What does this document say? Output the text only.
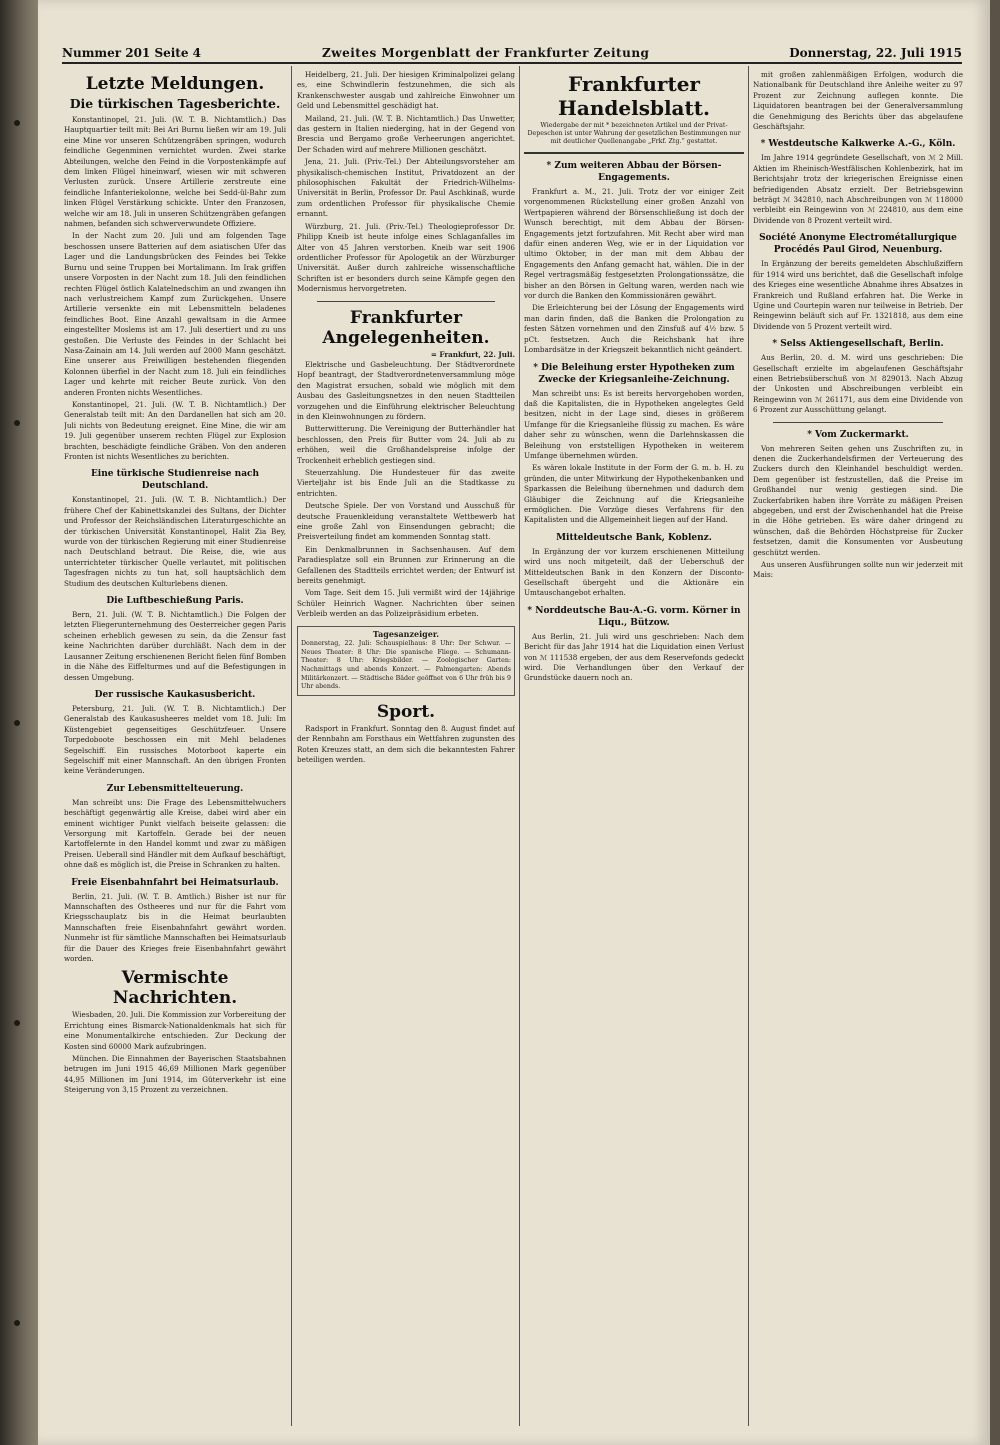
Nummer 201 Seite 4	Zweites Morgenblatt der Frankfurter Zeitung	Donnerstag, 22. Juli 1915
Letzte Meldungen.
Die türkischen Tagesberichte.

Konstantinopel, 21. Juli. (W. T. B. Nichtamtlich.) Das Hauptquartier teilt mit: Bei Ari Burnu ließen wir am 19. Juli eine Mine vor unseren Schützengräben springen, wodurch feindliche Gegenminen vernichtet wurden. Zwei starke Abteilungen, welche den Feind in die Vorpostenkämpfe auf dem linken Flügel hineinwarf, wiesen wir mit schweren Verlusten zurück. Unsere Artillerie zerstreute eine feindliche Infanteriekolonne, welche bei Sedd-ül-Bahr zum linken Flügel Verstärkung schickte. Unter den Franzosen, welche wir am 18. Juli in unseren Schützengräben gefangen nahmen, befanden sich schwerverwundete Offiziere.

In der Nacht zum 20. Juli und am folgenden Tage beschossen unsere Batterien auf dem asiatischen Ufer das Lager und die Landungsbrücken des Feindes bei Tekke Burnu und seine Truppen bei Mortalimann. Im Irak griffen unsere Vorposten in der Nacht zum 18. Juli den feindlichen rechten Flügel östlich Kalatelnedschim an und zwangen ihn nach verlustreichem Kampf zum Zurückgehen. Unsere Artillerie versenkte ein mit Lebensmitteln beladenes feindliches Boot. Eine Anzahl gewaltsam in die Armee eingestellter Moslems ist am 17. Juli desertiert und zu uns gestoßen. Die Verluste des Feindes in der Schlacht bei Nasa-Zainain am 14. Juli werden auf 2000 Mann geschätzt. Eine unserer aus Freiwilligen bestehenden fliegenden Kolonnen überfiel in der Nacht zum 18. Juli ein feindliches Lager und kehrte mit reicher Beute zurück. Von den anderen Fronten nichts Wesentliches.

Konstantinopel, 21. Juli. (W. T. B. Nichtamtlich.) Der Generalstab teilt mit: An den Dardanellen hat sich am 20. Juli nichts von Bedeutung ereignet. Eine Mine, die wir am 19. Juli gegenüber unserem rechten Flügel zur Explosion brachten, beschädigte feindliche Gräben. Von den anderen Fronten ist nichts Wesentliches zu berichten.

Eine türkische Studienreise nach Deutschland.

Konstantinopel, 21. Juli. (W. T. B. Nichtamtlich.) Der frühere Chef der Kabinettskanzlei des Sultans, der Dichter und Professor der Reichsländischen Literaturgeschichte an der türkischen Universität Konstantinopel, Halit Zia Bey, wurde von der türkischen Regierung mit einer Studienreise nach Deutschland betraut. Die Reise, die, wie aus unterrichteter türkischer Quelle verlautet, mit politischen Tagesfragen nichts zu tun hat, soll hauptsächlich dem Studium des deutschen Kulturlebens dienen.

Die Luftbeschießung Paris.

Bern, 21. Juli. (W. T. B. Nichtamtlich.) Die Folgen der letzten Fliegerunternehmung des Oesterreicher gegen Paris scheinen erheblich gewesen zu sein, da die Zensur fast keine Nachrichten darüber durchläßt. Nach dem in der Lausanner Zeitung erschienenen Bericht fielen fünf Bomben in die Nähe des Eiffelturmes und auf die Befestigungen in dessen Umgebung.

Der russische Kaukasusbericht.

Petersburg, 21. Juli. (W. T. B. Nichtamtlich.) Der Generalstab des Kaukasusheeres meldet vom 18. Juli: Im Küstengebiet gegenseitiges Geschützfeuer. Unsere Torpedoboote beschossen ein mit Mehl beladenes Segelschiff. Ein russisches Motorboot kaperte ein Segelschiff mit einer Mannschaft. An den übrigen Fronten keine Veränderungen.

Zur Lebensmittelteuerung.

Man schreibt uns: Die Frage des Lebensmittelwuchers beschäftigt gegenwärtig alle Kreise, dabei wird aber ein eminent wichtiger Punkt vielfach beiseite gelassen: die Versorgung mit Kartoffeln. Gerade bei der neuen Kartoffelernte in den Handel kommt und zwar zu mäßigen Preisen. Ueberall sind Händler mit dem Aufkauf beschäftigt, ohne daß es möglich ist, die Preise in Schranken zu halten.

Freie Eisenbahnfahrt bei Heimatsurlaub.

Berlin, 21. Juli. (W. T. B. Amtlich.) Bisher ist nur für Mannschaften des Ostheeres und nur für die Fahrt vom Kriegsschauplatz bis in die Heimat beurlaubten Mannschaften freie Eisenbahnfahrt gewährt worden. Nunmehr ist für sämtliche Mannschaften bei Heimatsurlaub für die Dauer des Krieges freie Eisenbahnfahrt gewährt worden.

Vermischte Nachrichten.

Wiesbaden, 20. Juli. Die Kommission zur Vorbereitung der Errichtung eines Bismarck-Nationaldenkmals hat sich für eine Monumentalkirche entschieden. Zur Deckung der Kosten sind 60000 Mark aufzubringen.

München. Die Einnahmen der Bayerischen Staatsbahnen betrugen im Juni 1915 46,69 Millionen Mark gegenüber 44,95 Millionen im Juni 1914, im Güterverkehr ist eine Steigerung von 3,15 Prozent zu verzeichnen.

Heidelberg, 21. Juli. Der hiesigen Kriminalpolizei gelang es, eine Schwindlerin festzunehmen, die sich als Krankenschwester ausgab und zahlreiche Einwohner um Geld und Lebensmittel geschädigt hat.

Mailand, 21. Juli. (W. T. B. Nichtamtlich.) Das Unwetter, das gestern in Italien niederging, hat in der Gegend von Brescia und Bergamo große Verheerungen angerichtet. Der Schaden wird auf mehrere Millionen geschätzt.

Jena, 21. Juli. (Priv.-Tel.) Der Abteilungsvorsteher am physikalisch-chemischen Institut, Privatdozent an der philosophischen Fakultät der Friedrich-Wilhelms-Universität in Berlin, Professor Dr. Paul Aschkinaß, wurde zum ordentlichen Professor für physikalische Chemie ernannt.

Würzburg, 21. Juli. (Priv.-Tel.) Theologieprofessor Dr. Philipp Kneib ist heute infolge eines Schlaganfalles im Alter von 45 Jahren verstorben. Kneib war seit 1906 ordentlicher Professor für Apologetik an der Würzburger Universität. Außer durch zahlreiche wissenschaftliche Schriften ist er besonders durch seine Kämpfe gegen den Modernismus hervorgetreten.

Frankfurter Angelegenheiten.
= Frankfurt, 22. Juli.

Elektrische und Gasbeleuchtung. Der Städtverordnete Hopf beantragt, der Stadtverordnetenversammlung möge den Magistrat ersuchen, sobald wie möglich mit dem Ausbau des Gasleitungsnetzes in den neuen Stadtteilen vorzugehen und die Einführung elektrischer Beleuchtung in den Kleinwohnungen zu fördern.

Butterwitterung. Die Vereinigung der Butterhändler hat beschlossen, den Preis für Butter vom 24. Juli ab zu erhöhen, weil die Großhandelspreise infolge der Trockenheit erheblich gestiegen sind.

Steuerzahlung. Die Hundesteuer für das zweite Vierteljahr ist bis Ende Juli an die Stadtkasse zu entrichten.

Deutsche Spiele. Der von Vorstand und Ausschuß für deutsche Frauenkleidung veranstaltete Wettbewerb hat eine große Zahl von Einsendungen gebracht; die Preisverteilung findet am kommenden Sonntag statt.

Ein Denkmalbrunnen in Sachsenhausen. Auf dem Paradiesplatze soll ein Brunnen zur Erinnerung an die Gefallenen des Stadtteils errichtet werden; der Entwurf ist bereits genehmigt.

Vom Tage. Seit dem 15. Juli vermißt wird der 14jährige Schüler Heinrich Wagner. Nachrichten über seinen Verbleib werden an das Polizeipräsidium erbeten.

Tagesanzeiger.
Donnerstag, 22. Juli: Schauspielhaus: 8 Uhr: Der Schwur. — Neues Theater: 8 Uhr: Die spanische Fliege. — Schumann-Theater: 8 Uhr: Kriegsbilder. — Zoologischer Garten: Nachmittags und abends Konzert. — Palmengarten: Abends Militärkonzert. — Städtische Bäder geöffnet von 6 Uhr früh bis 9 Uhr abends.
Sport.

Radsport in Frankfurt. Sonntag den 8. August findet auf der Rennbahn am Forsthaus ein Wettfahren zugunsten des Roten Kreuzes statt, an dem sich die bekanntesten Fahrer beteiligen werden.

Frankfurter Handelsblatt.
Wiedergabe der mit * bezeichneten Artikel und der Privat-Depeschen ist unter Wahrung der gesetzlichen Bestimmungen nur mit deutlicher Quellenangabe „Frkf. Ztg.“ gestattet.
* Zum weiteren Abbau der Börsen-Engagements.

Frankfurt a. M., 21. Juli. Trotz der vor einiger Zeit vorgenommenen Rückstellung einer großen Anzahl von Wertpapieren während der Börsenschließung ist doch der Wunsch berechtigt, mit dem Abbau der Börsen-Engagements jetzt fortzufahren. Mit Recht aber wird man dafür einen anderen Weg, wie er in der Liquidation vor ultimo Oktober, in der man mit dem Abbau der Engagements den Anfang gemacht hat, wählen. Die in der Regel vertragsmäßig festgesetzten Prolongationssätze, die bisher an den Börsen in Geltung waren, werden nach wie vor durch die Banken den Kommissionären gewährt.

Die Erleichterung bei der Lösung der Engagements wird man darin finden, daß die Banken die Prolongation zu festen Sätzen vornehmen und den Zinsfuß auf 4½ bzw. 5 pCt. festsetzen. Auch die Reichsbank hat ihre Lombardsätze in der Kriegszeit bekanntlich nicht geändert.

* Die Beleihung erster Hypotheken zum Zwecke der Kriegsanleihe-Zeichnung.

Man schreibt uns: Es ist bereits hervorgehoben worden, daß die Kapitalisten, die in Hypotheken angelegtes Geld besitzen, nicht in der Lage sind, dieses in größerem Umfange für die Kriegsanleihe flüssig zu machen. Es wäre daher sehr zu wünschen, wenn die Darlehnskassen die Beleihung von erststelligen Hypotheken in weiterem Umfange übernehmen würden.

Es wären lokale Institute in der Form der G. m. b. H. zu gründen, die unter Mitwirkung der Hypothekenbanken und Sparkassen die Beleihung übernehmen und dadurch dem Gläubiger die Zeichnung auf die Kriegsanleihe ermöglichen. Die Vorzüge dieses Verfahrens für den Kapitalisten und die Allgemeinheit liegen auf der Hand.

Mitteldeutsche Bank, Koblenz.

In Ergänzung der vor kurzem erschienenen Mitteilung wird uns noch mitgeteilt, daß der Ueberschuß der Mitteldeutschen Bank in den Konzern der Disconto-Gesellschaft übergeht und die Aktionäre ein Umtauschangebot erhalten.

* Norddeutsche Bau-A.-G. vorm. Körner in Liqu., Bützow.

Aus Berlin, 21. Juli wird uns geschrieben: Nach dem Bericht für das Jahr 1914 hat die Liquidation einen Verlust von ℳ 111538 ergeben, der aus dem Reservefonds gedeckt wird. Die Verhandlungen über den Verkauf der Grundstücke dauern noch an.

mit großen zahlenmäßigen Erfolgen, wodurch die Nationalbank für Deutschland ihre Anleihe weiter zu 97 Prozent zur Zeichnung auflegen konnte. Die Liquidatoren beantragen bei der Generalversammlung die Genehmigung des Berichts über das abgelaufene Geschäftsjahr.

* Westdeutsche Kalkwerke A.-G., Köln.

Im Jahre 1914 gegründete Gesellschaft, von ℳ 2 Mill. Aktien im Rheinisch-Westfälischen Kohlenbezirk, hat im Berichtsjahr trotz der kriegerischen Ereignisse einen befriedigenden Absatz erzielt. Der Betriebsgewinn beträgt ℳ 342810, nach Abschreibungen von ℳ 118000 verbleibt ein Reingewinn von ℳ 224810, aus dem eine Dividende von 8 Prozent verteilt wird.

Société Anonyme Electrométallurgique Procédés Paul Girod, Neuenburg.

In Ergänzung der bereits gemeldeten Abschlußziffern für 1914 wird uns berichtet, daß die Gesellschaft infolge des Krieges eine wesentliche Abnahme ihres Absatzes in Frankreich und Rußland erfahren hat. Die Werke in Ugine und Courtepin waren nur teilweise in Betrieb. Der Reingewinn beläuft sich auf Fr. 1321818, aus dem eine Dividende von 5 Prozent verteilt wird.

* Selss Aktiengesellschaft, Berlin.

Aus Berlin, 20. d. M. wird uns geschrieben: Die Gesellschaft erzielte im abgelaufenen Geschäftsjahr einen Betriebsüberschuß von ℳ 829013. Nach Abzug der Unkosten und Abschreibungen verbleibt ein Reingewinn von ℳ 261171, aus dem eine Dividende von 6 Prozent zur Ausschüttung gelangt.

* Vom Zuckermarkt.

Von mehreren Seiten gehen uns Zuschriften zu, in denen die Zuckerhandelsfirmen der Verteuerung des Zuckers durch den Kleinhandel beschuldigt werden. Dem gegenüber ist festzustellen, daß die Preise im Großhandel nur wenig gestiegen sind. Die Zuckerfabriken haben ihre Vorräte zu mäßigen Preisen abgegeben, und erst der Zwischenhandel hat die Preise in die Höhe getrieben. Es wäre daher dringend zu wünschen, daß die Behörden Höchstpreise für Zucker festsetzen, damit die Konsumenten vor Ausbeutung geschützt werden.

Aus unseren Ausführungen sollte nun wir jederzeit mit Mais:
